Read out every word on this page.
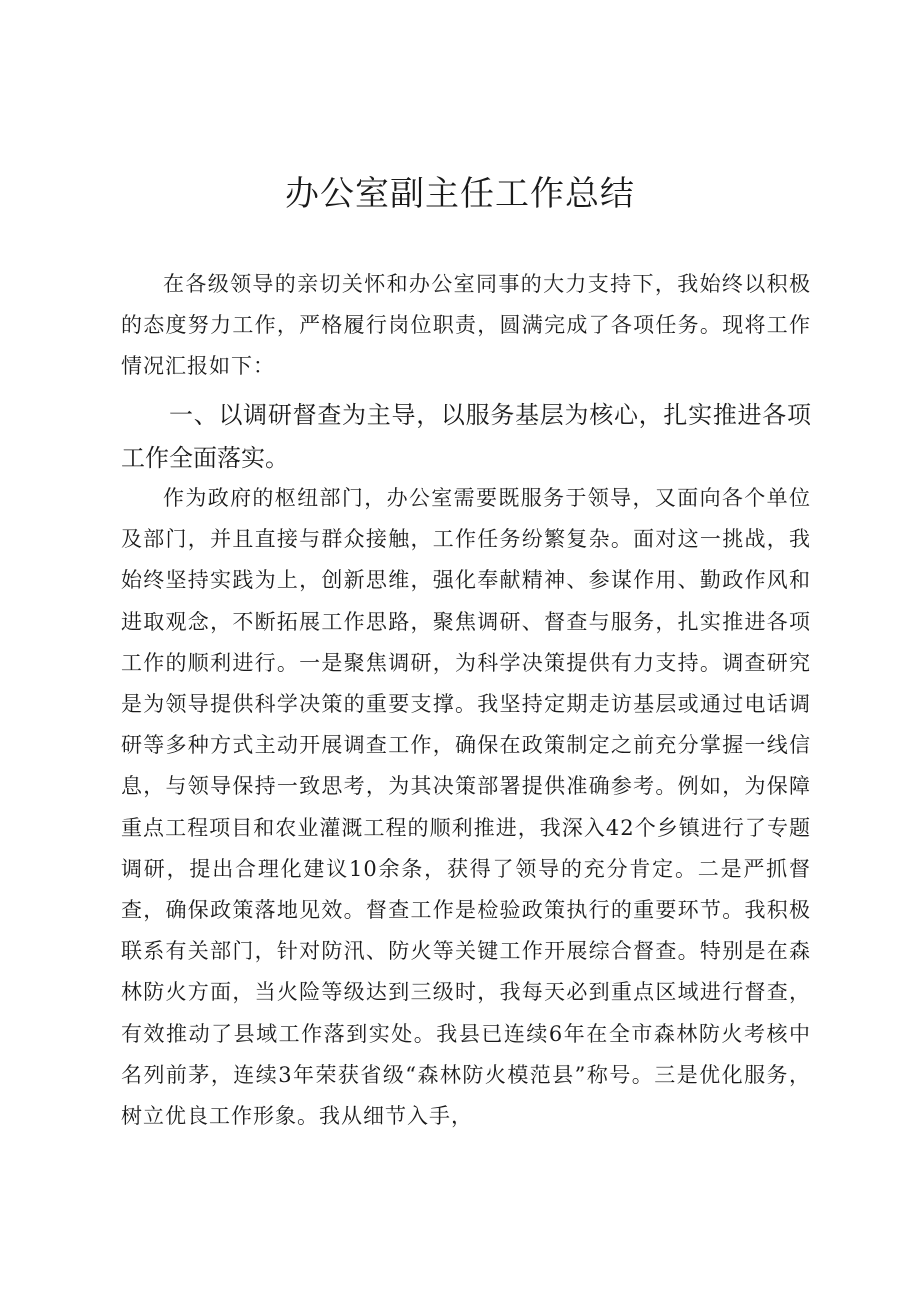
办公室副主任工作总结

在各级领导的亲切关怀和办公室同事的大力支持下，我始终以积极的态度努力工作，严格履行岗位职责，圆满完成了各项任务。现将工作情况汇报如下：

一、以调研督查为主导，以服务基层为核心，扎实推进各项工作全面落实。

作为政府的枢纽部门，办公室需要既服务于领导，又面向各个单位及部门，并且直接与群众接触，工作任务纷繁复杂。面对这一挑战，我始终坚持实践为上，创新思维，强化奉献精神、参谋作用、勤政作风和进取观念，不断拓展工作思路，聚焦调研、督查与服务，扎实推进各项工作的顺利进行。一是聚焦调研，为科学决策提供有力支持。调查研究是为领导提供科学决策的重要支撑。我坚持定期走访基层或通过电话调研等多种方式主动开展调查工作，确保在政策制定之前充分掌握一线信息，与领导保持一致思考，为其决策部署提供准确参考。例如，为保障重点工程项目和农业灌溉工程的顺利推进，我深入42个乡镇进行了专题调研，提出合理化建议10余条，获得了领导的充分肯定。二是严抓督查，确保政策落地见效。督查工作是检验政策执行的重要环节。我积极联系有关部门，针对防汛、防火等关键工作开展综合督查。特别是在森林防火方面，当火险等级达到三级时，我每天必到重点区域进行督查，有效推动了县域工作落到实处。我县已连续6年在全市森林防火考核中名列前茅，连续3年荣获省级“森林防火模范县”称号。三是优化服务，树立优良工作形象。我从细节入手，
